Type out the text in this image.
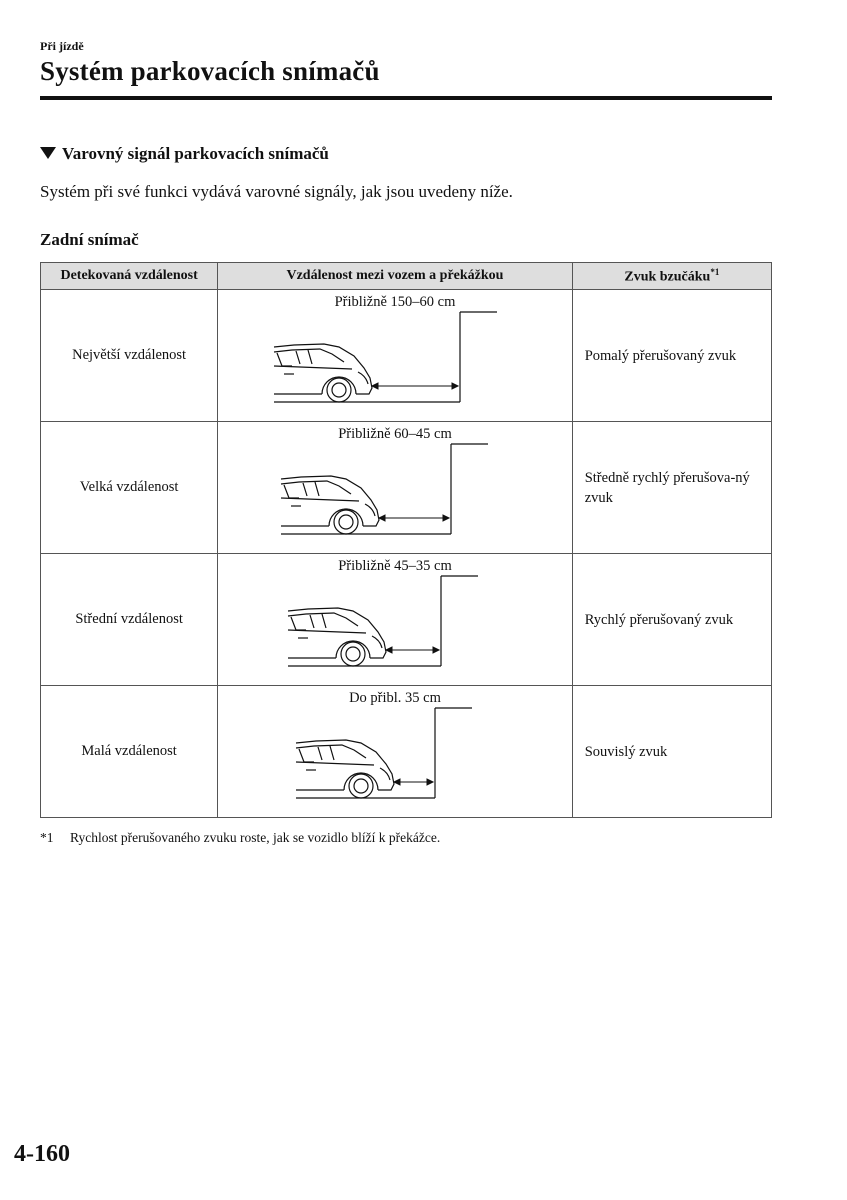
Při jízdě
Systém parkovacích snímačů
Varovný signál parkovacích snímačů
Systém při své funkci vydává varovné signály, jak jsou uvedeny níže.
Zadní snímač
Detekovaná vzdálenost	Vzdálenost mezi vozem a překážkou	Zvuk bzučáku$^{*1}$
Největší vzdálenost	Přibližně 150–60 cm	Pomalý přerušovaný zvuk
Velká vzdálenost	Přibližně 60–45 cm	Středně rychlý přerušova-ný zvuk
Střední vzdálenost	Přibližně 45–35 cm	Rychlý přerušovaný zvuk
Malá vzdálenost	Do přibl. 35 cm	Souvislý zvuk
*1 Rychlost přerušovaného zvuku roste, jak se vozidlo blíží k překážce.
4-160
